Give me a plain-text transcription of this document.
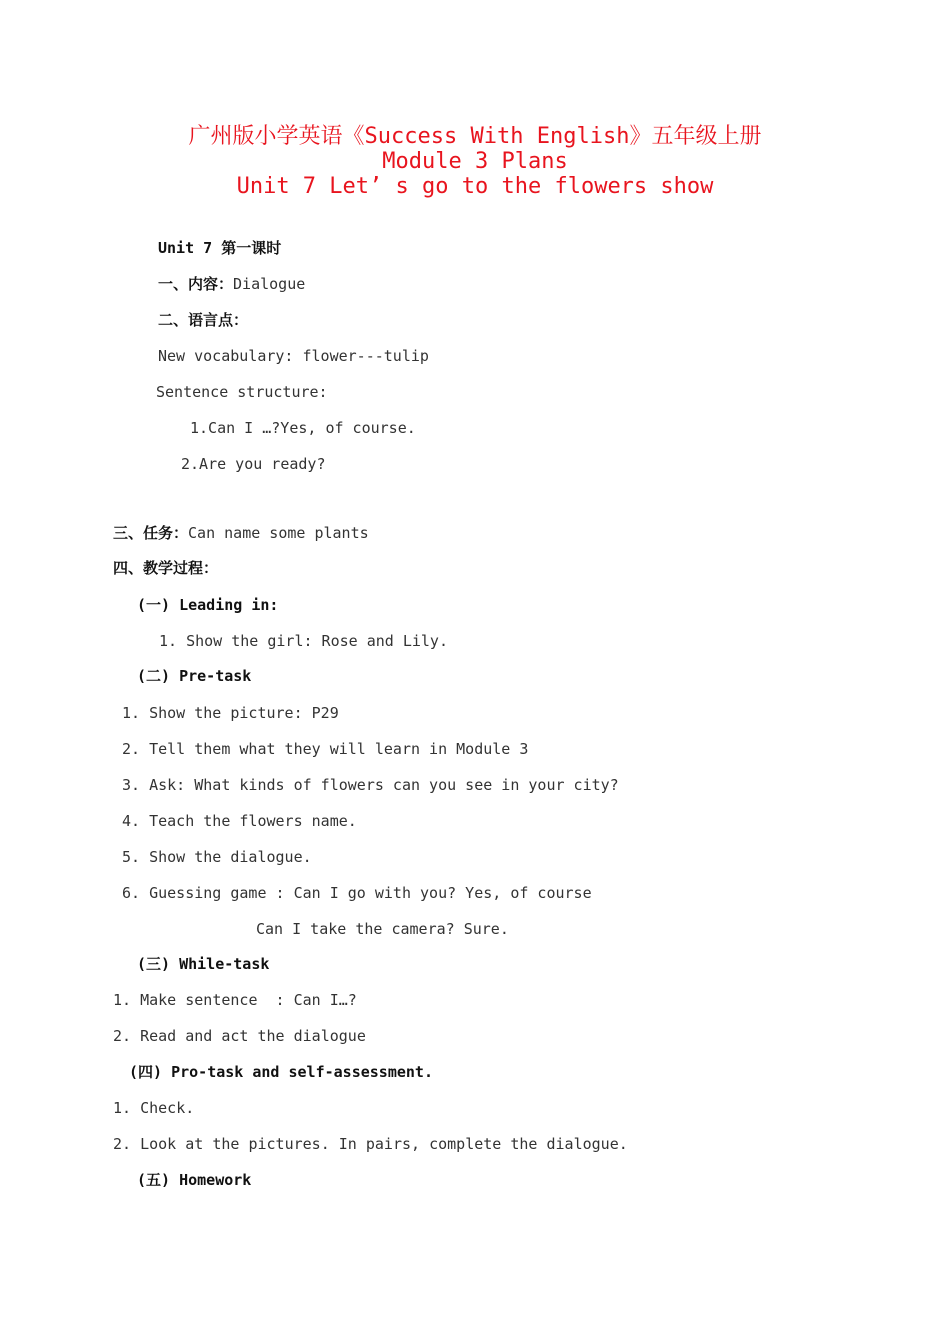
广州版小学英语《Success With English》五年级上册
Module 3 Plans
Unit 7 Let’ s go to the flowers show
Unit 7 第一课时
一、内容：Dialogue
二、语言点：
New vocabulary: flower---tulip
Sentence structure:
1.Can I …?Yes, of course.
2.Are you ready?
三、任务：Can name some plants
四、教学过程：
(一) Leading in:
1. Show the girl: Rose and Lily.
(二) Pre-task
1. Show the picture: P29
2. Tell them what they will learn in Module 3
3. Ask: What kinds of flowers can you see in your city?
4. Teach the flowers name.
5. Show the dialogue.
6. Guessing game : Can I go with you? Yes, of course
Can I take the camera? Sure.
(三) While-task
1. Make sentence  : Can I…?
2. Read and act the dialogue
(四) Pro-task and self-assessment.
1. Check.
2. Look at the pictures. In pairs, complete the dialogue.
(五) Homework
